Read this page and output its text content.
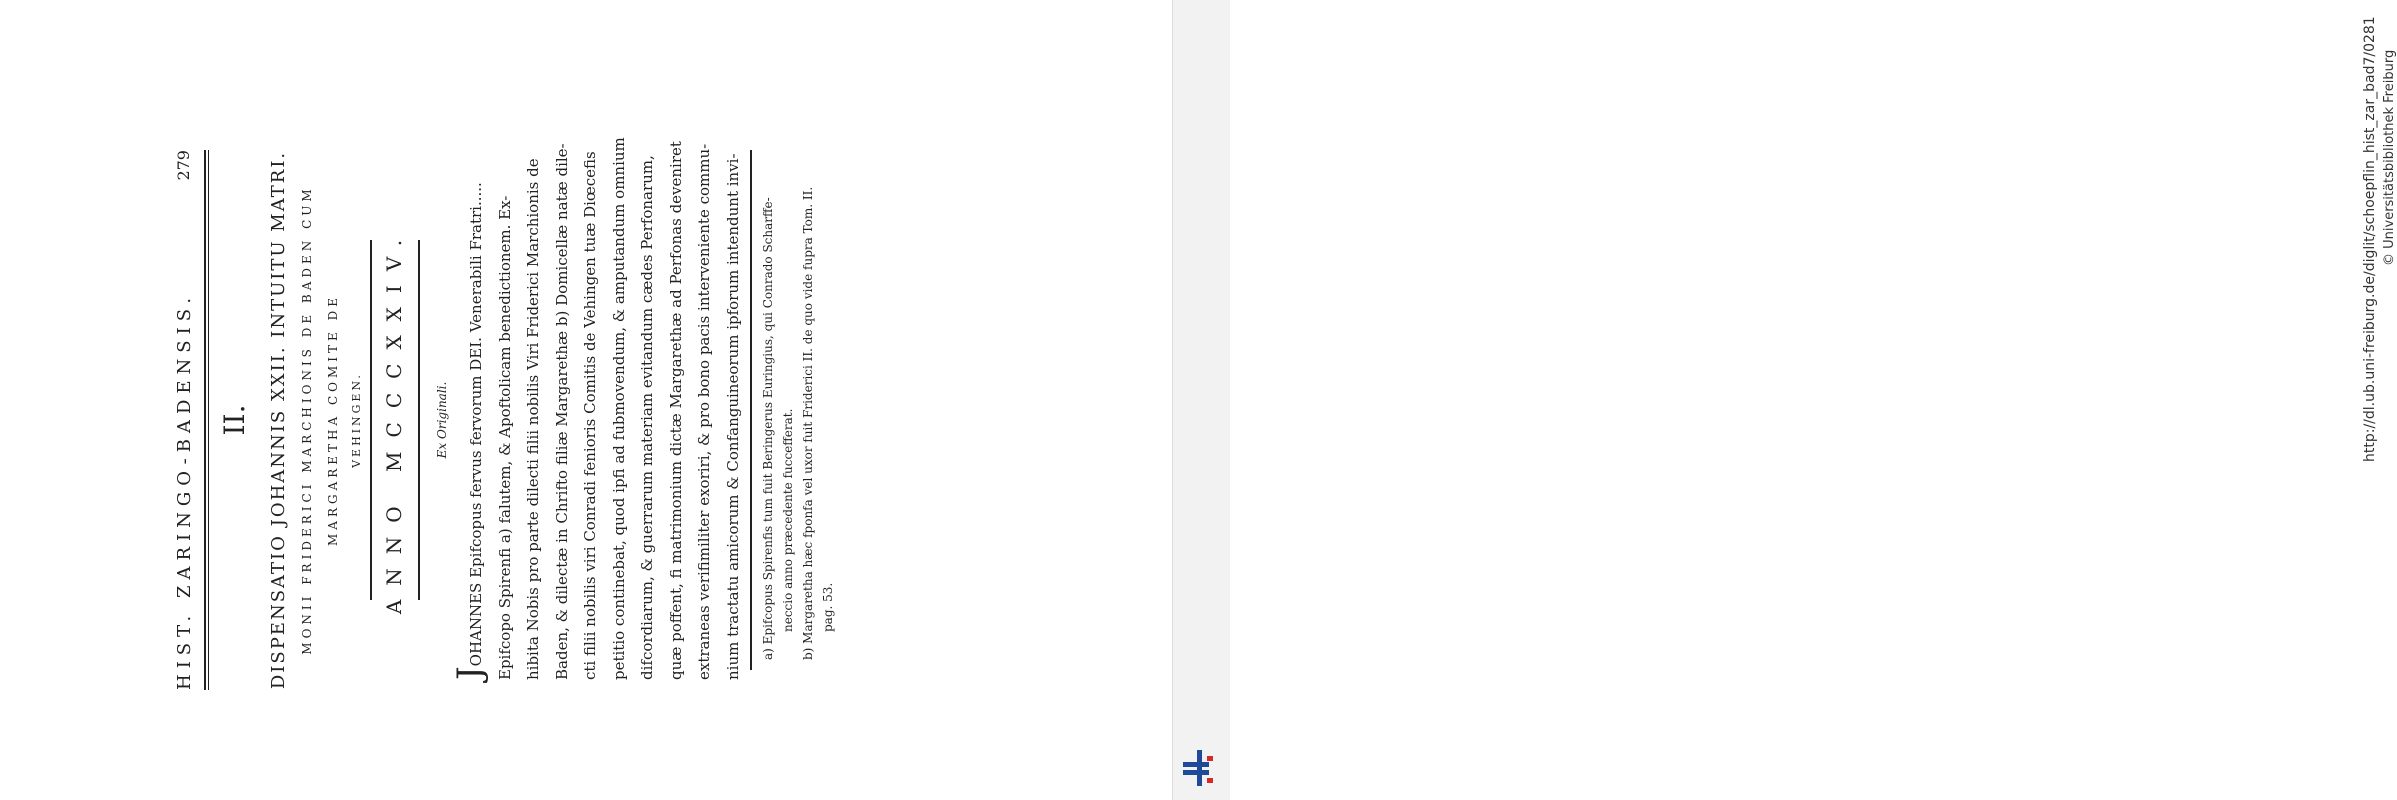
HIST. ZARINGO-BADENSIS.
279
II. DISPENSATIO JOHANNIS XXII. INTUITU MATRI. MONII FRIDERICI MARCHIONIS DE BADEN CUM MARGARETHA COMITE DE VEHINGEN. ANNO MCCCXXIV. Ex Originali.
JOHANNES Epifcopus fervus fervorum DEI. Venerabili Fratri..... Epifcopo Spirenfi a) falutem, & Apoftolicam benedictionem. Ex- hibita Nobis pro parte dilecti filii nobilis Viri Friderici Marchionis de Baden, & dilectæ in Chrifto filiæ Margarethæ b) Domicellæ natæ dile- cti filii nobilis viri Conradi fenioris Comitis de Vehingen tuæ Diœcefis petitio continebat, quod ipfi ad fubmovendum, & amputandum omnium difcordiarum, & guerrarum materiam evitandum cædes Perfonarum, quæ poffent, fi matrimonium dictæ Margarethæ ad Perfonas deveniret extraneas verifimiliter exoriri, & pro bono pacis interveniente commu- nium tractatu amicorum & Confanguineorum ipforum intendunt invi-	a) Epifcopus Spirenfis tum fuit Beringerus Euringius, qui Conrado Scharffe- neccio anno præcedente fuccefferat. b) Margaretha hæc fponfa vel uxor fuit Friderici II. de quo vide fupra Tom. II. pag. 53.
http://dl.ub.uni-freiburg.de/diglit/schoepflin_hist_zar_bad7/0281 © Universitätsbibliothek Freiburg
